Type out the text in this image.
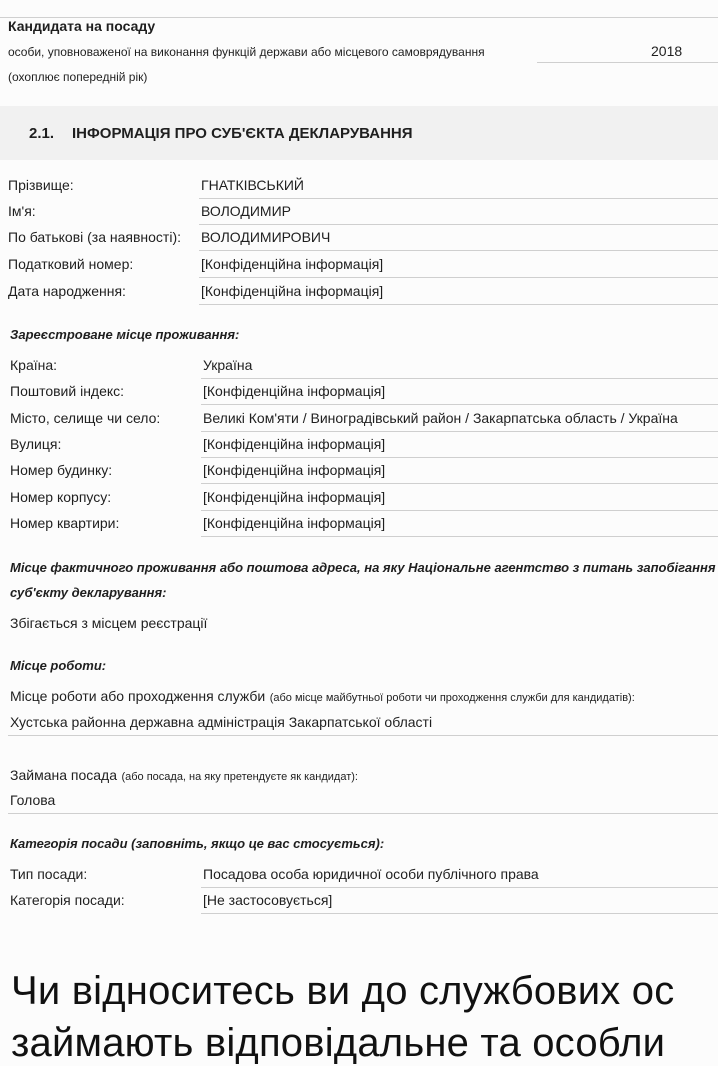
Кандидата на посаду
особи, уповноваженої на виконання функцій держави або місцевого самоврядування	2018
(охоплює попередній рік)
2.1. ІНФОРМАЦІЯ ПРО СУБ'ЄКТА ДЕКЛАРУВАННЯ
Прізвище:	ГНАТКІВСЬКИЙ
Ім'я:	ВОЛОДИМИР
По батькові (за наявності): ВОЛОДИМИРОВИЧ
Податковий номер:	[Конфіденційна інформація]
Дата народження:	[Конфіденційна інформація]
Зареєстроване місце проживання:
Країна:	Україна
Поштовий індекс:	[Конфіденційна інформація]
Місто, селище чи село:	Великі Ком'яти / Виноградівський район / Закарпатська область / Україна
Вулиця:	[Конфіденційна інформація]
Номер будинку:	[Конфіденційна інформація]
Номер корпусу:	[Конфіденційна інформація]
Номер квартири:	[Конфіденційна інформація]
Місце фактичного проживання або поштова адреса, на яку Національне агентство з питань запобігання
суб'єкту декларування:
Збігається з місцем реєстрації
Місце роботи:
Місце роботи або проходження служби (або місце майбутньої роботи чи проходження служби для кандидатів):
Хустська районна державна адміністрація Закарпатської області
Займана посада (або посада, на яку претендуєте як кандидат):
Голова
Категорія посади (заповніть, якщо це вас стосується):
Тип посади:	Посадова особа юридичної особи публічного права
Категорія посади:	[Не застосовується]
Чи відноситесь ви до службових ос
займають відповідальне та особли
